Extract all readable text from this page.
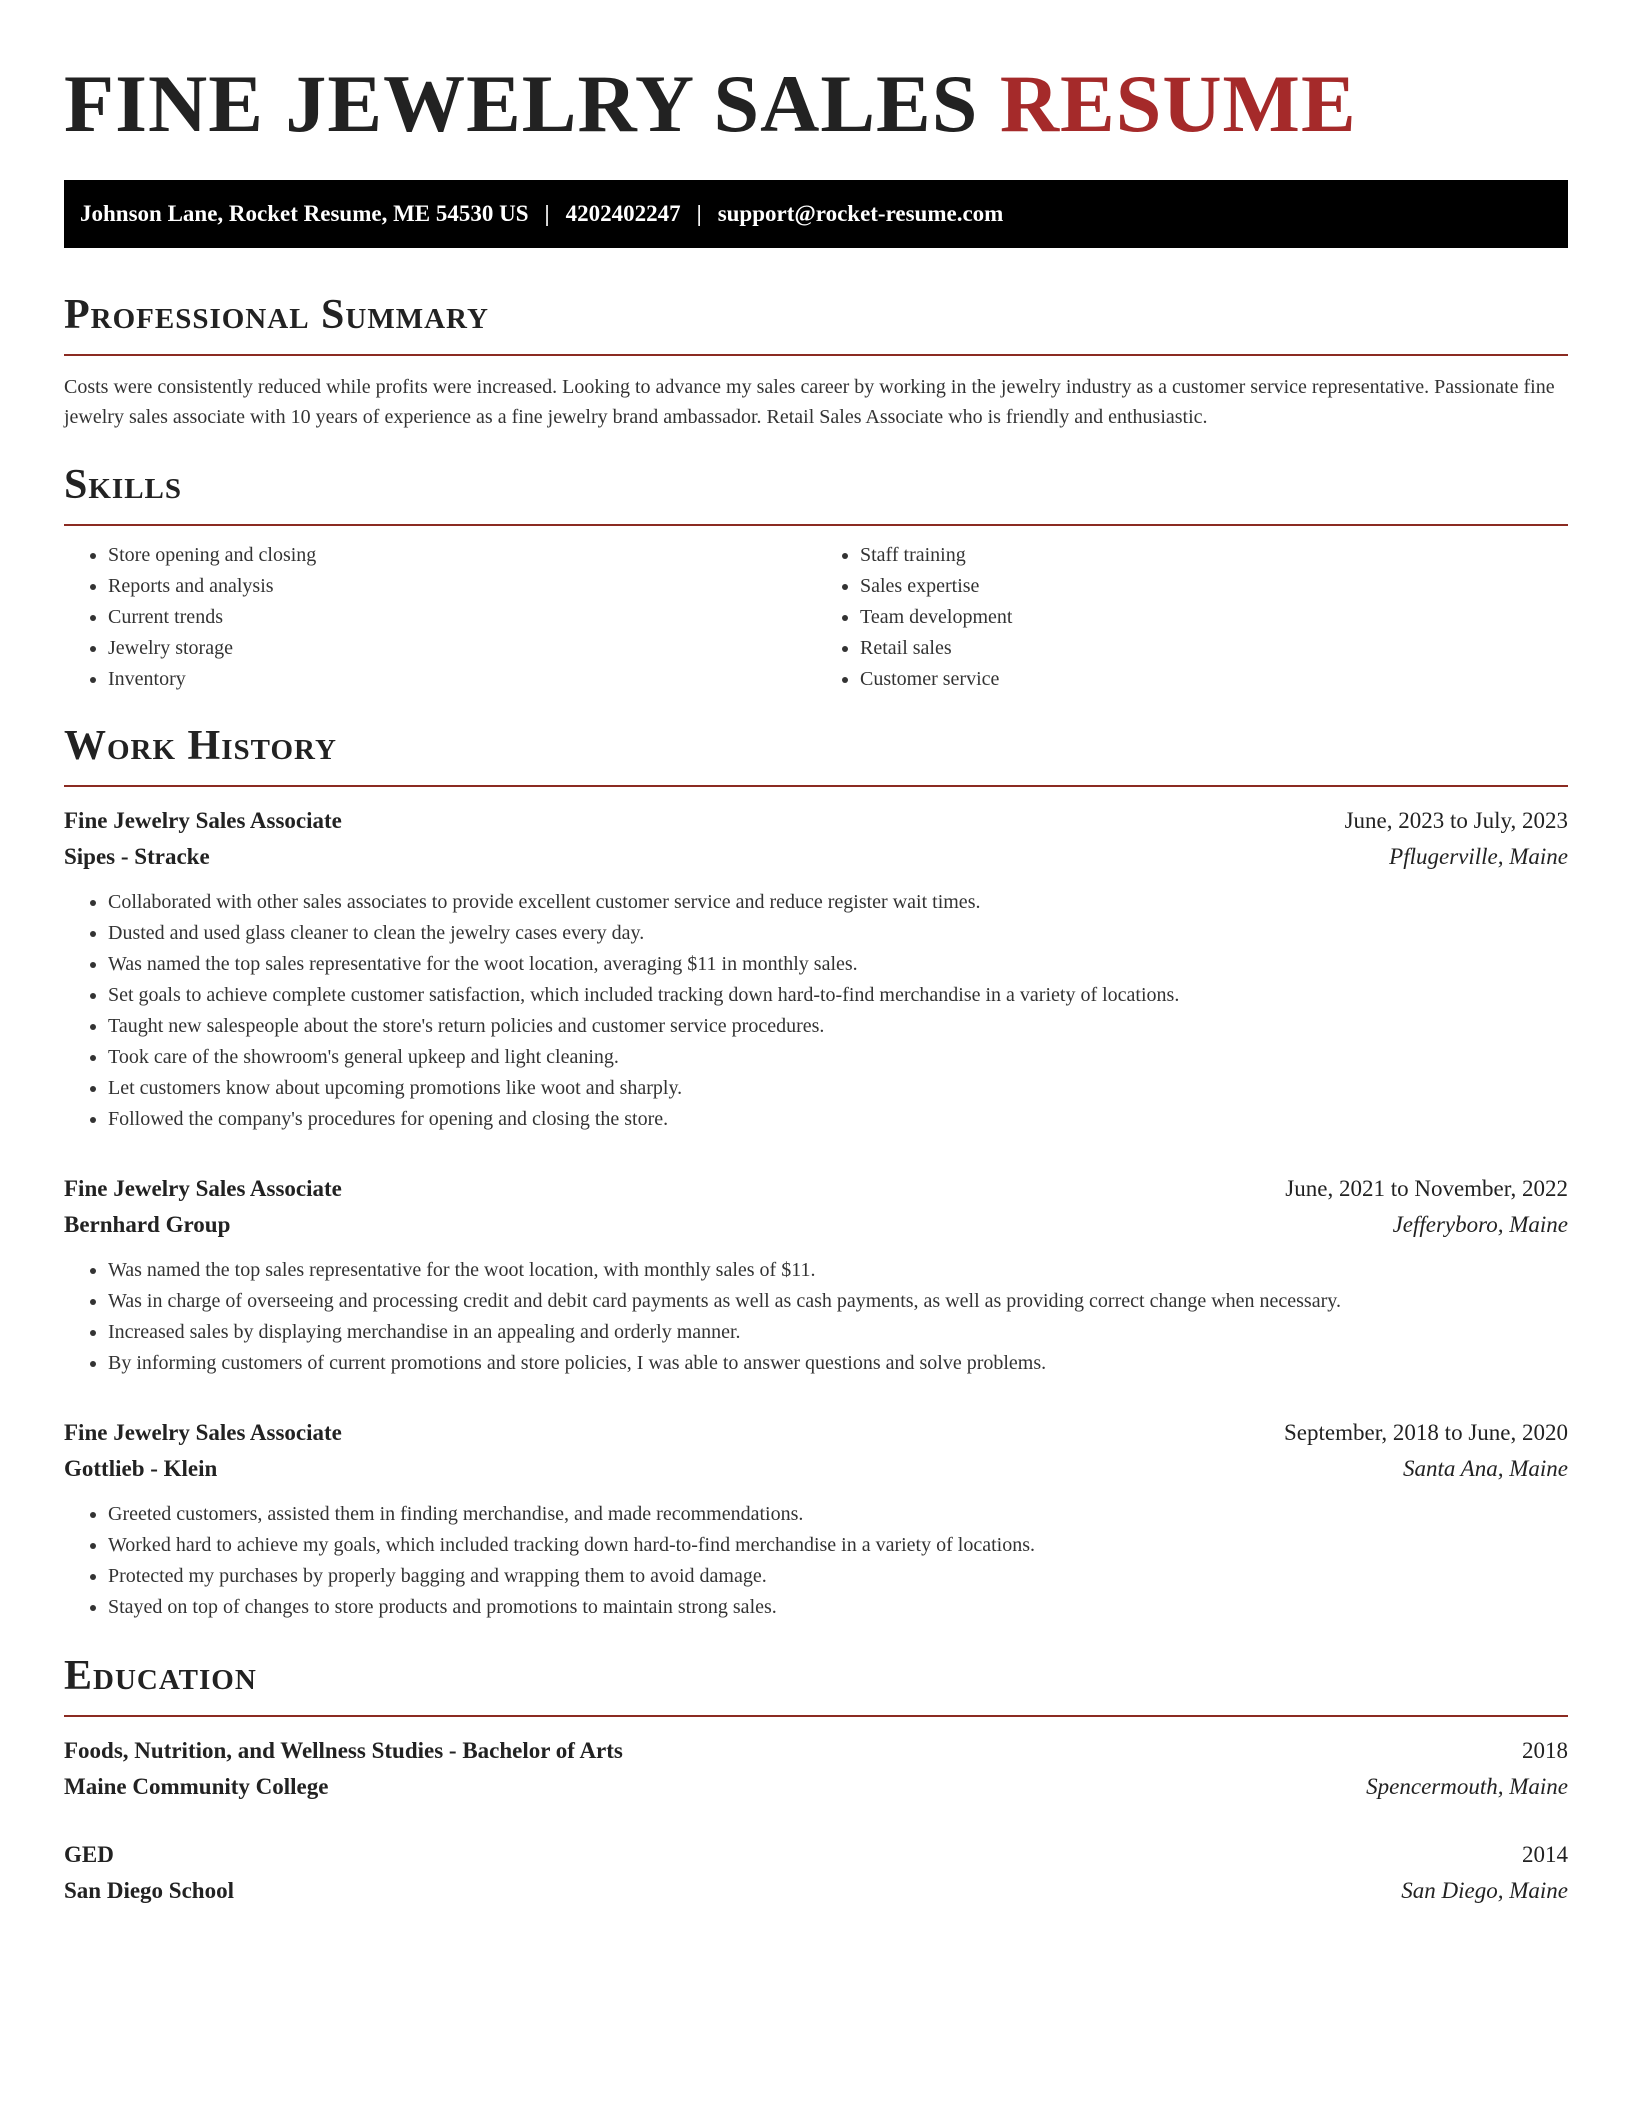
FINE JEWELRY SALES RESUME
Johnson Lane, Rocket Resume, ME 54530 US | 4202402247 | support@rocket-resume.com
Professional Summary

Costs were consistently reduced while profits were increased. Looking to advance my sales career by working in the jewelry industry as a customer service representative. Passionate fine jewelry sales associate with 10 years of experience as a fine jewelry brand ambassador. Retail Sales Associate who is friendly and enthusiastic.

Skills
• Store opening and closing
• Reports and analysis
• Current trends
• Jewelry storage
• Inventory
• Staff training
• Sales expertise
• Team development
• Retail sales
• Customer service
Work History
Fine Jewelry Sales Associate	June, 2023 to July, 2023
Sipes - Stracke	Pflugerville, Maine
• Collaborated with other sales associates to provide excellent customer service and reduce register wait times.
• Dusted and used glass cleaner to clean the jewelry cases every day.
• Was named the top sales representative for the woot location, averaging $11 in monthly sales.
• Set goals to achieve complete customer satisfaction, which included tracking down hard-to-find merchandise in a variety of locations.
• Taught new salespeople about the store's return policies and customer service procedures.
• Took care of the showroom's general upkeep and light cleaning.
• Let customers know about upcoming promotions like woot and sharply.
• Followed the company's procedures for opening and closing the store.
Fine Jewelry Sales Associate	June, 2021 to November, 2022
Bernhard Group	Jefferyboro, Maine
• Was named the top sales representative for the woot location, with monthly sales of $11.
• Was in charge of overseeing and processing credit and debit card payments as well as cash payments, as well as providing correct change when necessary.
• Increased sales by displaying merchandise in an appealing and orderly manner.
• By informing customers of current promotions and store policies, I was able to answer questions and solve problems.
Fine Jewelry Sales Associate	September, 2018 to June, 2020
Gottlieb - Klein	Santa Ana, Maine
• Greeted customers, assisted them in finding merchandise, and made recommendations.
• Worked hard to achieve my goals, which included tracking down hard-to-find merchandise in a variety of locations.
• Protected my purchases by properly bagging and wrapping them to avoid damage.
• Stayed on top of changes to store products and promotions to maintain strong sales.
Education
Foods, Nutrition, and Wellness Studies - Bachelor of Arts	2018
Maine Community College	Spencermouth, Maine
GED	2014
San Diego School	San Diego, Maine
